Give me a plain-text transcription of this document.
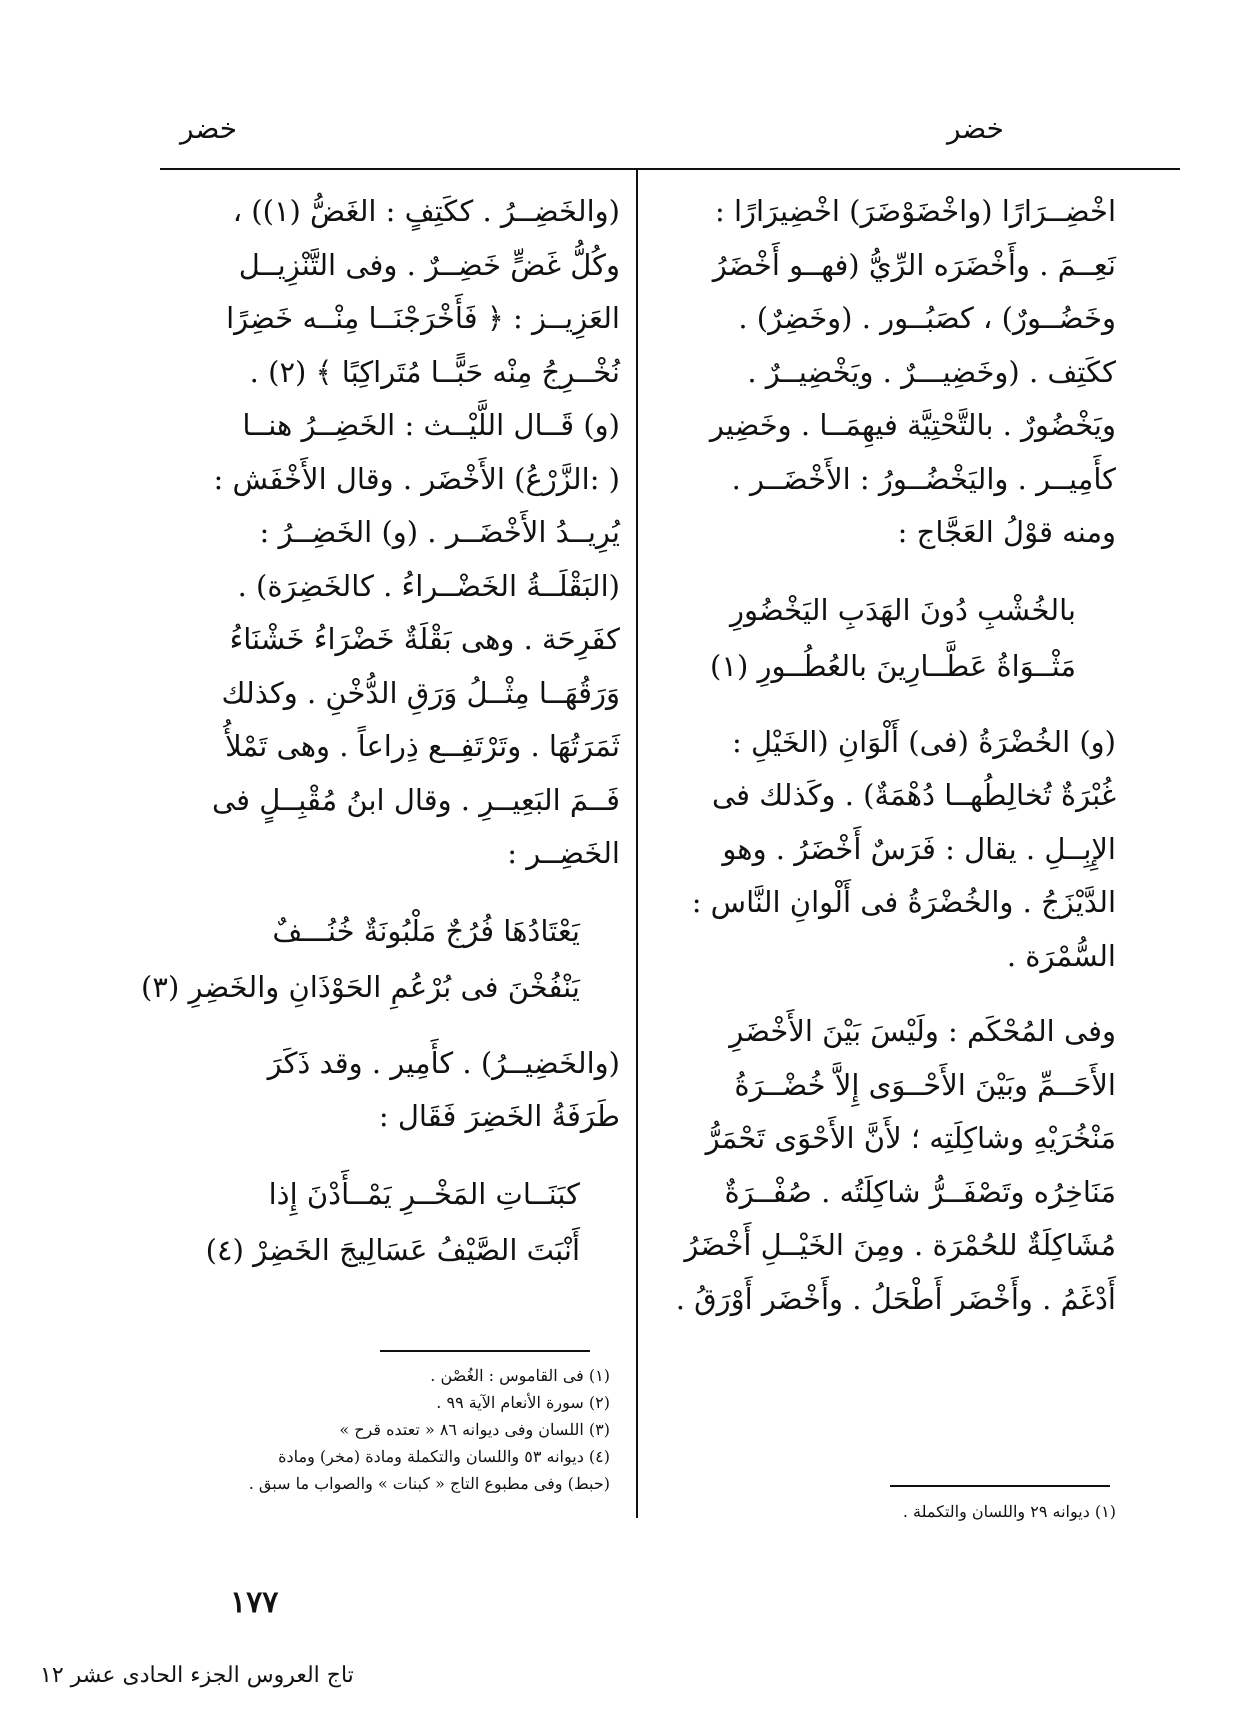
خضر
خضر
اخْضِــرَارًا (واخْضَوْضَرَ) اخْضِيرَارًا :
نَعِــمَ . وأَخْضَرَه الرِّيُّ (فهــو أَخْضَرُ
وخَضُــورٌ) ، كصَبُــور . (وخَضِرٌ) .
ككَتِف . (وخَضِيـــرٌ . ويَخْضِيــرٌ .
ويَخْضُورٌ . بالتَّحْتِيَّة فيهِمَــا . وخَضِير
كأَمِيــر . واليَخْضُــورُ : الأَخْضَــر .
ومنه قوْلُ العَجَّاج :
بالخُشْبِ دُونَ الهَدَبِ اليَخْضُورِ
مَثْــوَاةُ عَطَّــارِينَ بالعُطُــورِ (١)
(و) الخُضْرَةُ (فى) أَلْوَانِ (الخَيْلِ :
غُبْرَةٌ تُخالِطُهــا دُهْمَةٌ) . وكَذلك فى
الإِبِــلِ . يقال : فَرَسٌ أَخْضَرُ . وهو
الدَّيْزَجُ . والخُضْرَةُ فى أَلْوانِ النَّاس :
السُّمْرَة .
وفى المُحْكَم : ولَيْسَ بَيْنَ الأَخْضَرِ
الأَحَــمِّ وبَيْنَ الأَحْــوَى إِلاَّ خُضْــرَةُ
مَنْخُرَيْهِ وشاكِلَتِه ؛ لأَنَّ الأَحْوَى تَحْمَرُّ
مَنَاخِرُه وتَصْفَــرُّ شاكِلَتُه . صُفْــرَةٌ
مُشَاكِلَةٌ للحُمْرَة . ومِنَ الخَيْــلِ أَخْضَرُ
أَدْغَمُ . وأَخْضَر أَطْحَلُ . وأَخْضَر أَوْرَقُ .
(والخَضِــرُ . ككَتِفٍ : الغَضُّ (١)) ،
وكُلُّ غَضٍّ خَضِــرٌ . وفى التَّنْزِيــل
العَزِيــز : ﴿ فَأَخْرَجْنَــا مِنْــه خَضِرًا
نُخْــرِجُ مِنْه حَبًّــا مُتَراكِبًا ﴾ (٢) .
(و) قَــال اللَّيْــث : الخَضِــرُ هنــا
( :الزَّرْعُ) الأَخْضَر . وقال الأَخْفَش :
يُرِيــدُ الأَخْضَــر . (و) الخَضِــرُ :
(البَقْلَــةُ الخَضْــراءُ . كالخَضِرَة) .
كفَرِحَة . وهى بَقْلَةٌ خَضْرَاءُ خَشْنَاءُ
وَرَقُهَــا مِثْــلُ وَرَقِ الدُّخْنِ . وكذلك
ثَمَرَتُهَا . وتَرْتَفِــع ذِراعاً . وهى تَمْلأُ
فَــمَ البَعِيــرِ . وقال ابنُ مُقْبِــلٍ فى
الخَضِــر :
يَعْتَادُهَا فُرُجٌ مَلْبُونَةٌ خُنُـــفٌ
يَنْفُخْنَ فى بُرْعُمِ الحَوْذَانِ والخَضِرِ (٣)
(والخَضِيــرُ) . كأَمِير . وقد ذَكَرَ
طَرَفَةُ الخَضِرَ فَقَال :
كبَنَــاتِ المَخْــرِ يَمْــأَدْنَ إِذا
أَنْبَتَ الصَّيْفُ عَسَالِيجَ الخَضِرْ (٤)
(١) فى القاموس : الغُصْن .
(٢) سورة الأنعام الآية ٩٩ .
(٣) اللسان وفى ديوانه ٨٦ « تعتده قرح »
(٤) ديوانه ٥٣ واللسان والتكملة ومادة (مخر) ومادة
(حبط) وفى مطبوع التاج « كبنات » والصواب ما سبق .
(١) ديوانه ٢٩ واللسان والتكملة .
١٧٧
تاج العروس الجزء الحادى عشر ١٢
